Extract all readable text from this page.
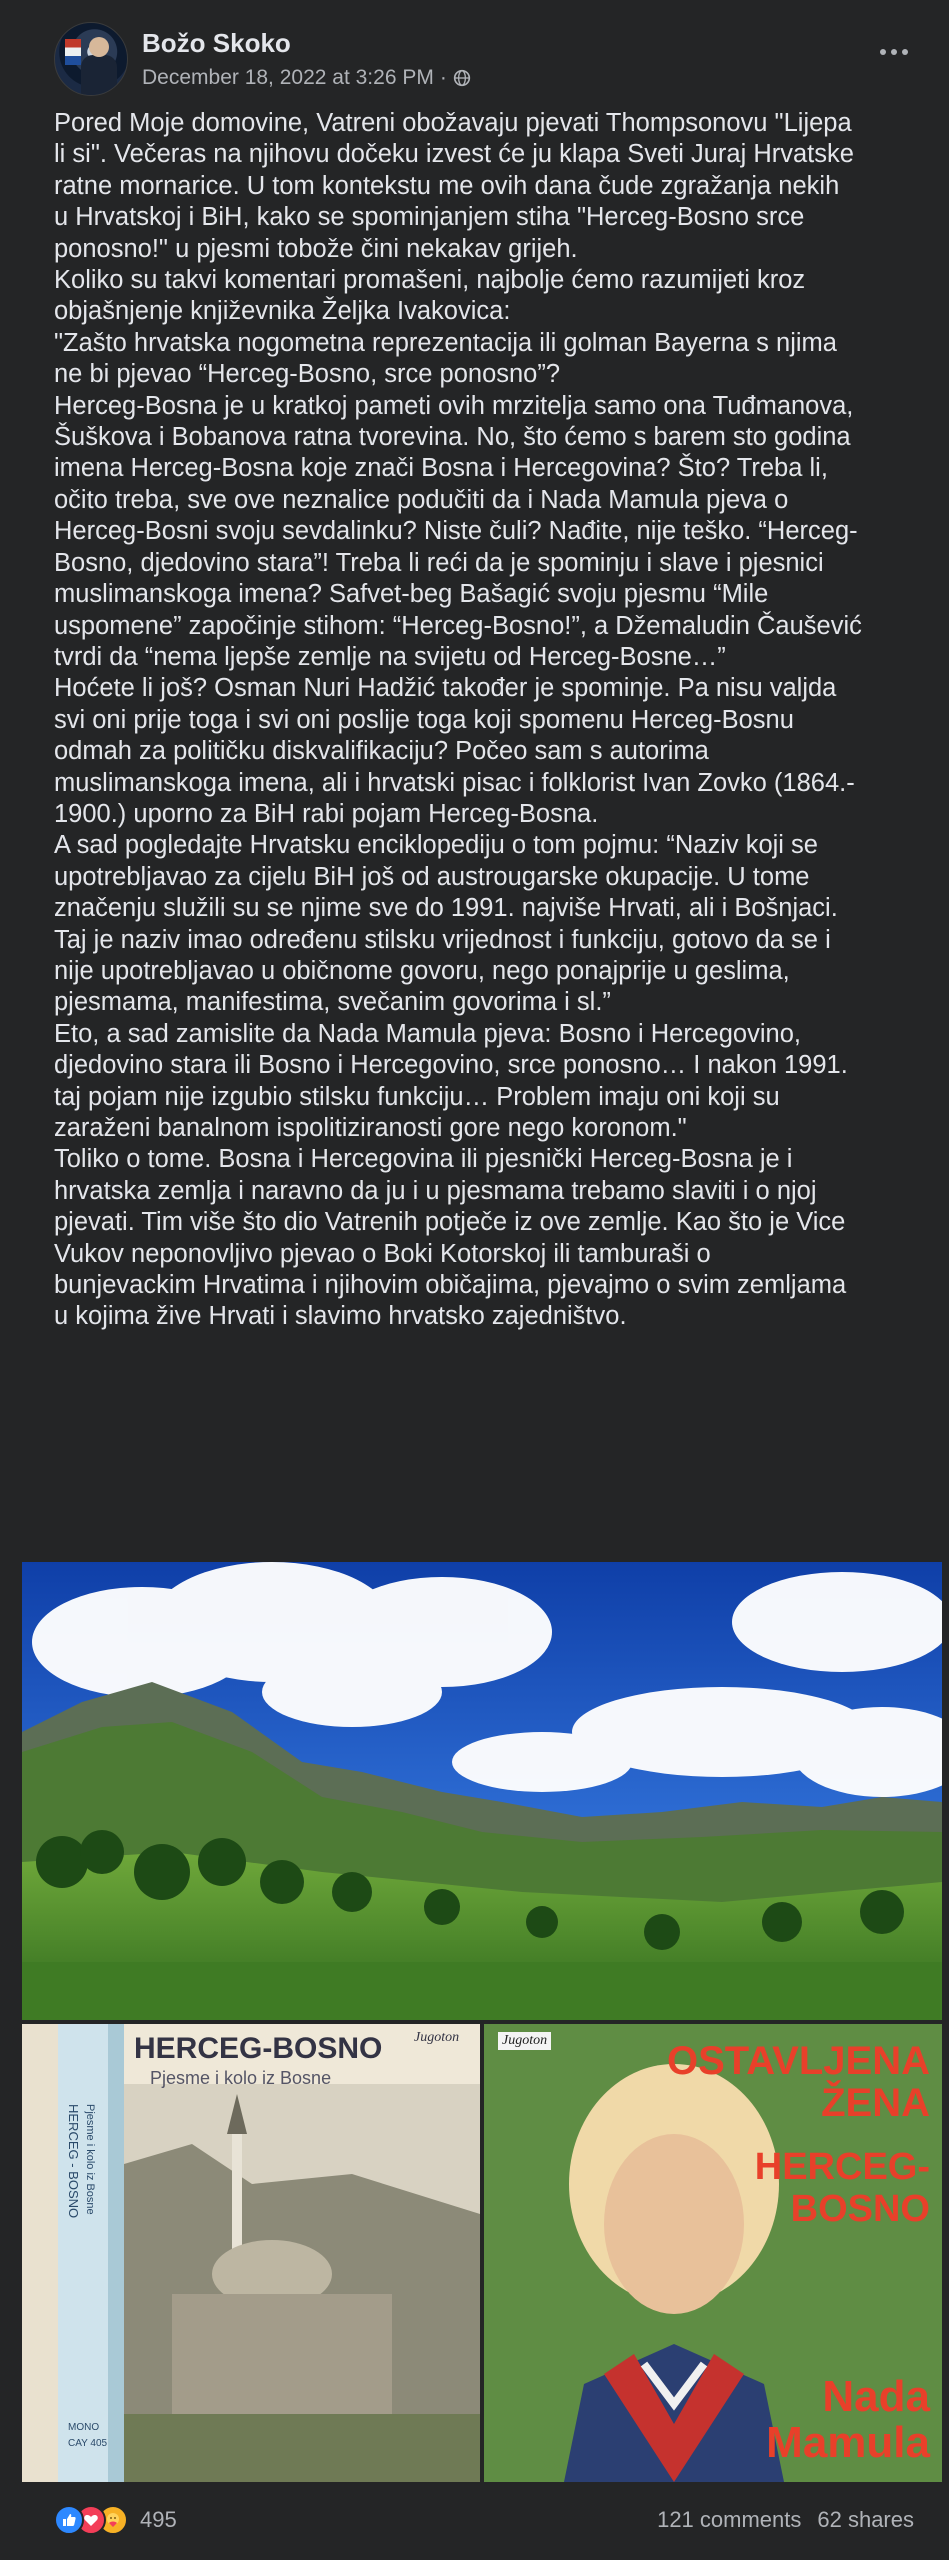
Božo Skoko
December 18, 2022 at 3:26 PM ·

Pored Moje domovine, Vatreni obožavaju pjevati Thompsonovu "Lijepa

li si". Večeras na njihovu dočeku izvest će ju klapa Sveti Juraj Hrvatske

ratne mornarice. U tom kontekstu me ovih dana čude zgražanja nekih

u Hrvatskoj i BiH, kako se spominjanjem stiha "Herceg-Bosno srce

ponosno!" u pjesmi tobože čini nekakav grijeh.

Koliko su takvi komentari promašeni, najbolje ćemo razumijeti kroz

objašnjenje književnika Željka Ivakovica:

"Zašto hrvatska nogometna reprezentacija ili golman Bayerna s njima

ne bi pjevao “Herceg-Bosno, srce ponosno”?

Herceg-Bosna je u kratkoj pameti ovih mrzitelja samo ona Tuđmanova,

Šuškova i Bobanova ratna tvorevina. No, što ćemo s barem sto godina

imena Herceg-Bosna koje znači Bosna i Hercegovina? Što? Treba li,

očito treba, sve ove neznalice podučiti da i Nada Mamula pjeva o

Herceg-Bosni svoju sevdalinku? Niste čuli? Nađite, nije teško. “Herceg-

Bosno, djedovino stara”! Treba li reći da je spominju i slave i pjesnici

muslimanskoga imena? Safvet-beg Bašagić svoju pjesmu “Mile

uspomene” započinje stihom: “Herceg-Bosno!”, a Džemaludin Čaušević

tvrdi da “nema ljepše zemlje na svijetu od Herceg-Bosne…”

Hoćete li još? Osman Nuri Hadžić također je spominje. Pa nisu valjda

svi oni prije toga i svi oni poslije toga koji spomenu Herceg-Bosnu

odmah za političku diskvalifikaciju? Počeo sam s autorima

muslimanskoga imena, ali i hrvatski pisac i folklorist Ivan Zovko (1864.-

1900.) uporno za BiH rabi pojam Herceg-Bosna.

A sad pogledajte Hrvatsku enciklopediju o tom pojmu: “Naziv koji se

upotrebljavao za cijelu BiH još od austrougarske okupacije. U tome

značenju služili su se njime sve do 1991. najviše Hrvati, ali i Bošnjaci.

Taj je naziv imao određenu stilsku vrijednost i funkciju, gotovo da se i

nije upotrebljavao u običnome govoru, nego ponajprije u geslima,

pjesmama, manifestima, svečanim govorima i sl.”

Eto, a sad zamislite da Nada Mamula pjeva: Bosno i Hercegovino,

djedovino stara ili Bosno i Hercegovino, srce ponosno… I nakon 1991.

taj pojam nije izgubio stilsku funkciju… Problem imaju oni koji su

zaraženi banalnom ispolitiziranosti gore nego koronom."

Toliko o tome. Bosna i Hercegovina ili pjesnički Herceg-Bosna je i

hrvatska zemlja i naravno da ju i u pjesmama trebamo slaviti i o njoj

pjevati. Tim više što dio Vatrenih potječe iz ove zemlje. Kao što je Vice

Vukov neponovljivo pjevao o Boki Kotorskoj ili tamburaši o

bunjevackim Hrvatima i njihovim običajima, pjevajmo o svim zemljama

u kojima žive Hrvati i slavimo hrvatsko zajedništvo.

HERCEG-BOSNO
Pjesme i kolo iz Bosne
Jugoton
HERCEG - BOSNO Pjesme i kolo iz Bosne
MONO
CAY 405
Jugoton	OSTAVLJENA
ŽENA
HERCEG-
BOSNO
Nada
Mamula
495	121 comments 62 shares
